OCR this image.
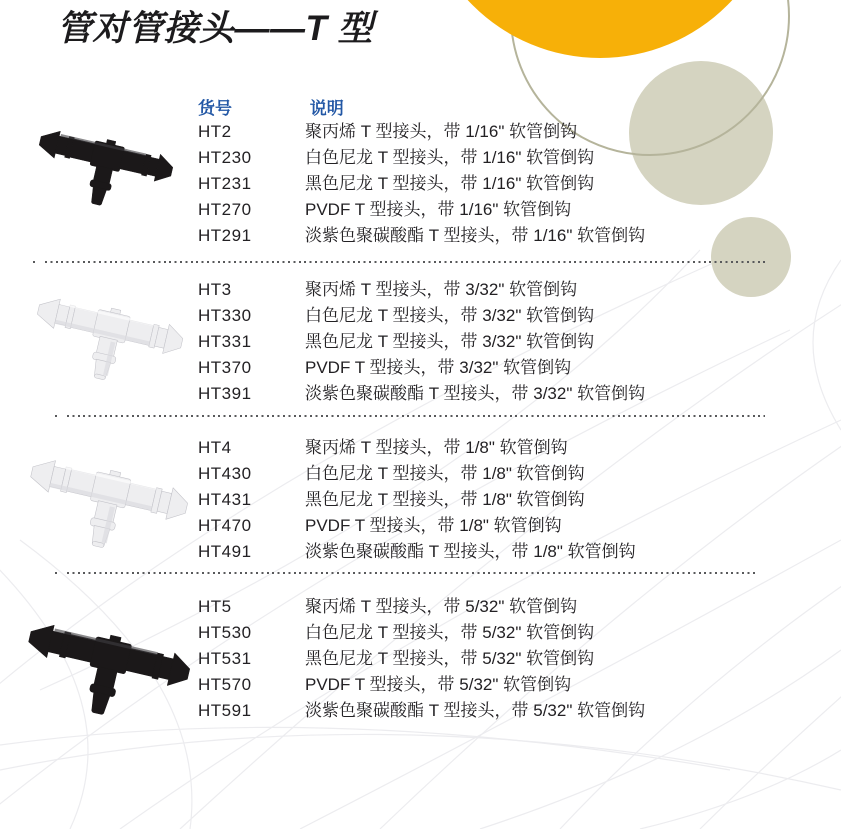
管对管接头——T 型
货号	说明
HT2	聚丙烯 T 型接头，带 1/16" 软管倒钩
HT230	白色尼龙 T 型接头，带 1/16" 软管倒钩
HT231	黑色尼龙 T 型接头，带 1/16" 软管倒钩
HT270	PVDF T 型接头，带 1/16" 软管倒钩
HT291	淡紫色聚碳酸酯 T 型接头，带 1/16" 软管倒钩
HT3	聚丙烯 T 型接头，带 3/32" 软管倒钩
HT330	白色尼龙 T 型接头，带 3/32" 软管倒钩
HT331	黑色尼龙 T 型接头，带 3/32" 软管倒钩
HT370	PVDF T 型接头，带 3/32" 软管倒钩
HT391	淡紫色聚碳酸酯 T 型接头，带 3/32" 软管倒钩
HT4	聚丙烯 T 型接头，带 1/8" 软管倒钩
HT430	白色尼龙 T 型接头，带 1/8" 软管倒钩
HT431	黑色尼龙 T 型接头，带 1/8" 软管倒钩
HT470	PVDF T 型接头，带 1/8" 软管倒钩
HT491	淡紫色聚碳酸酯 T 型接头，带 1/8" 软管倒钩
HT5	聚丙烯 T 型接头，带 5/32" 软管倒钩
HT530	白色尼龙 T 型接头，带 5/32" 软管倒钩
HT531	黑色尼龙 T 型接头，带 5/32" 软管倒钩
HT570	PVDF T 型接头，带 5/32" 软管倒钩
HT591	淡紫色聚碳酸酯 T 型接头，带 5/32" 软管倒钩
